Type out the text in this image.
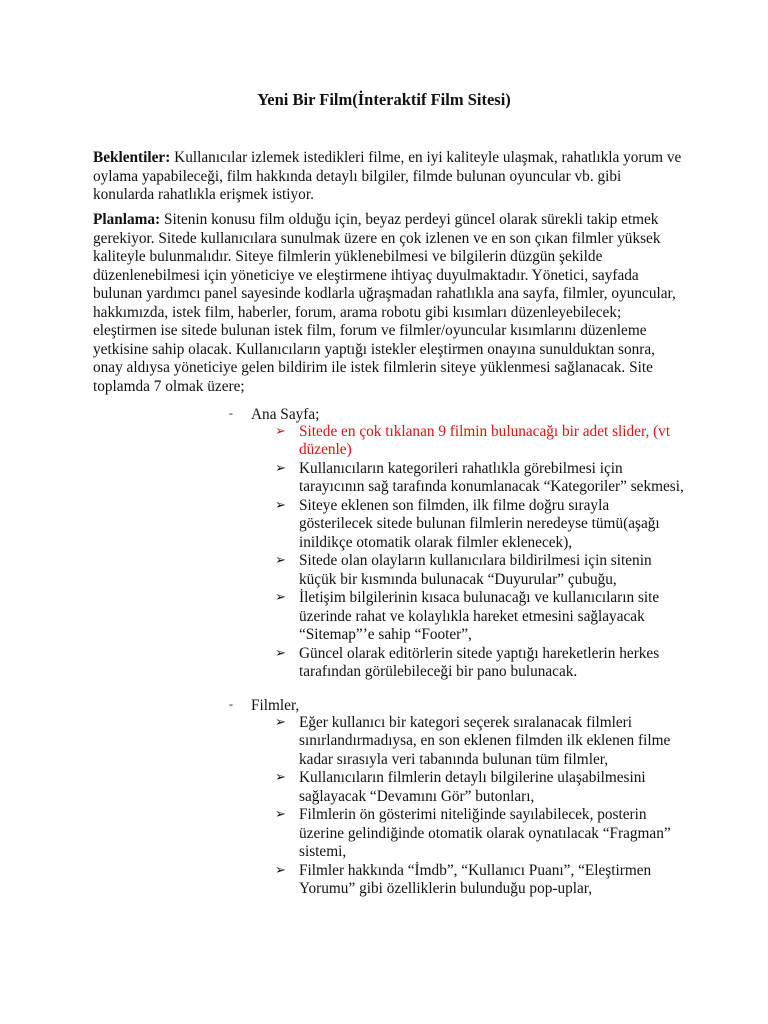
Yeni Bir Film(İnteraktif Film Sitesi)

Beklentiler: Kullanıcılar izlemek istedikleri filme, en iyi kaliteyle ulaşmak, rahatlıkla yorum ve oylama yapabileceği, film hakkında detaylı bilgiler, filmde bulunan oyuncular vb. gibi konularda rahatlıkla erişmek istiyor.

Planlama: Sitenin konusu film olduğu için, beyaz perdeyi güncel olarak sürekli takip etmek gerekiyor. Sitede kullanıcılara sunulmak üzere en çok izlenen ve en son çıkan filmler yüksek kaliteyle bulunmalıdır. Siteye filmlerin yüklenebilmesi ve bilgilerin düzgün şekilde düzenlenebilmesi için yöneticiye ve eleştirmene ihtiyaç duyulmaktadır. Yönetici, sayfada bulunan yardımcı panel sayesinde kodlarla uğraşmadan rahatlıkla ana sayfa, filmler, oyuncular, hakkımızda, istek film, haberler, forum, arama robotu gibi kısımları düzenleyebilecek; eleştirmen ise sitede bulunan istek film, forum ve filmler/oyuncular kısımlarını düzenleme yetkisine sahip olacak. Kullanıcıların yaptığı istekler eleştirmen onayına sunulduktan sonra, onay aldıysa yöneticiye gelen bildirim ile istek filmlerin siteye yüklenmesi sağlanacak. Site toplamda 7 olmak üzere;

- Ana Sayfa;
➢ Sitede en çok tıklanan 9 filmin bulunacağı bir adet slider, (vt düzenle)
➢ Kullanıcıların kategorileri rahatlıkla görebilmesi için tarayıcının sağ tarafında konumlanacak “Kategoriler” sekmesi,
➢ Siteye eklenen son filmden, ilk filme doğru sırayla gösterilecek sitede bulunan filmlerin neredeyse tümü(aşağı inildikçe otomatik olarak filmler eklenecek),
➢ Sitede olan olayların kullanıcılara bildirilmesi için sitenin küçük bir kısmında bulunacak “Duyurular” çubuğu,
➢ İletişim bilgilerinin kısaca bulunacağı ve kullanıcıların site üzerinde rahat ve kolaylıkla hareket etmesini sağlayacak “Sitemap”’e sahip “Footer”,
➢ Güncel olarak editörlerin sitede yaptığı hareketlerin herkes tarafından görülebileceği bir pano bulunacak.
- Filmler,
➢ Eğer kullanıcı bir kategori seçerek sıralanacak filmleri sınırlandırmadıysa, en son eklenen filmden ilk eklenen filme kadar sırasıyla veri tabanında bulunan tüm filmler,
➢ Kullanıcıların filmlerin detaylı bilgilerine ulaşabilmesini sağlayacak “Devamını Gör” butonları,
➢ Filmlerin ön gösterimi niteliğinde sayılabilecek, posterin üzerine gelindiğinde otomatik olarak oynatılacak “Fragman” sistemi,
➢ Filmler hakkında “İmdb”, “Kullanıcı Puanı”, “Eleştirmen Yorumu” gibi özelliklerin bulunduğu pop-uplar,
